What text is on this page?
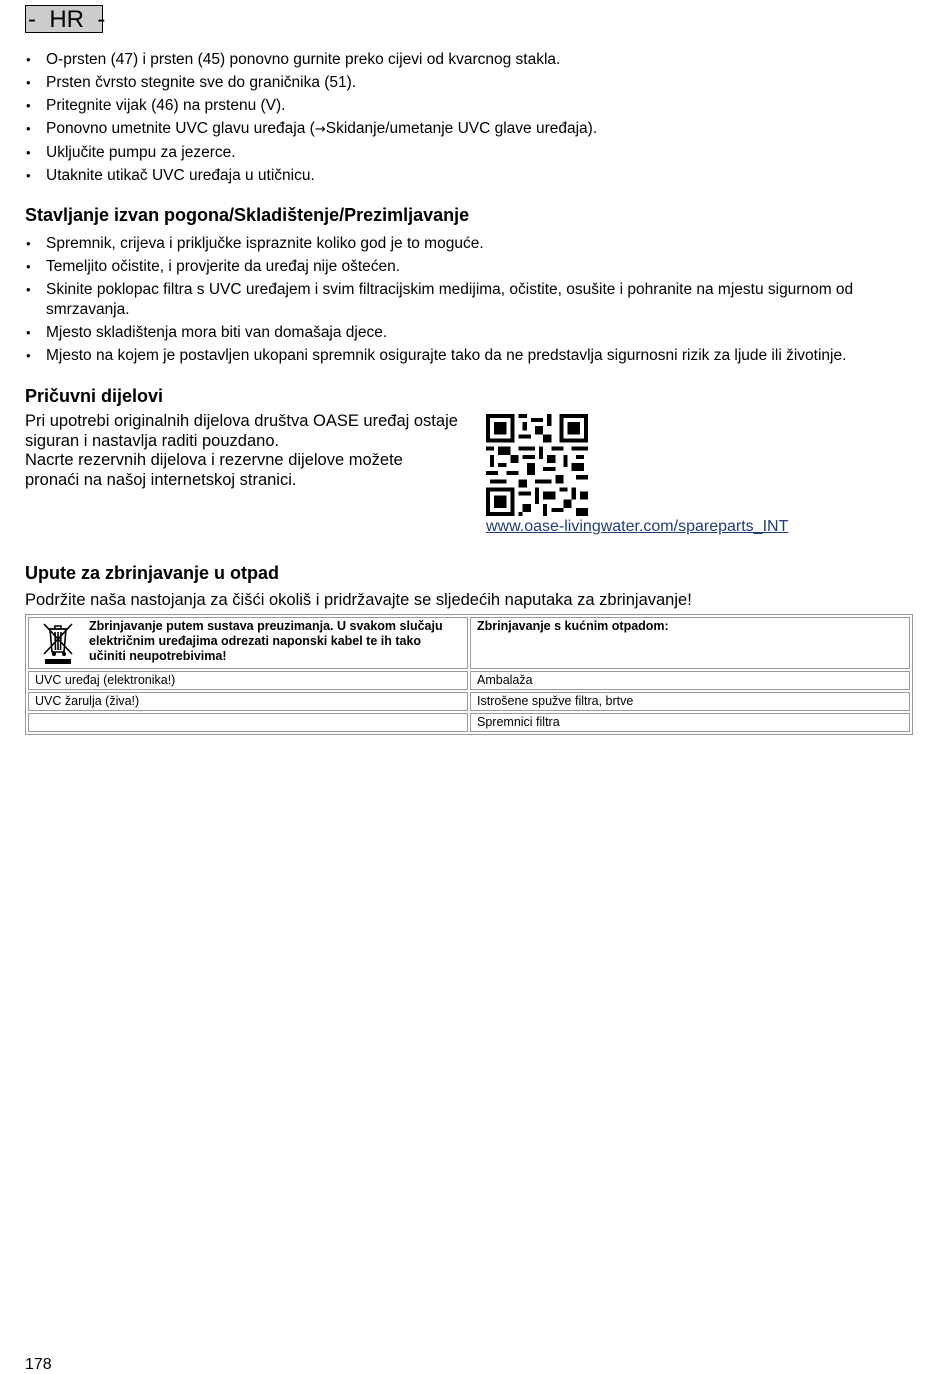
-  HR  -
• O-prsten (47) i prsten (45) ponovno gurnite preko cijevi od kvarcnog stakla.
• Prsten čvrsto stegnite sve do graničnika (51).
• Pritegnite vijak (46) na prstenu (V).
• Ponovno umetnite UVC glavu uređaja (→Skidanje/umetanje UVC glave uređaja).
• Uključite pumpu za jezerce.
• Utaknite utikač UVC uređaja u utičnicu.
Stavljanje izvan pogona/Skladištenje/Prezimljavanje
• Spremnik, crijeva i priključke ispraznite koliko god je to moguće.
• Temeljito očistite, i provjerite da uređaj nije oštećen.
• Skinite poklopac filtra s UVC uređajem i svim filtracijskim medijima, očistite, osušite i pohranite na mjestu sigurnom od smrzavanja.
• Mjesto skladištenja mora biti van domašaja djece.
• Mjesto na kojem je postavljen ukopani spremnik osigurajte tako da ne predstavlja sigurnosni rizik za ljude ili životinje.
Pričuvni dijelovi
Pri upotrebi originalnih dijelova društva OASE uređaj ostaje
siguran i nastavlja raditi pouzdano.
Nacrte rezervnih dijelova i rezervne dijelove možete
pronaći na našoj internetskoj stranici.
www.oase-livingwater.com/spareparts_INT
Upute za zbrinjavanje u otpad
Podržite naša nastojanja za čišći okoliš i pridržavajte se sljedećih naputaka za zbrinjavanje!
Zbrinjavanje putem sustava preuzimanja. U svakom slučaju električnim uređajima odrezati naponski kabel te ih tako učiniti neupotrebivima!	Zbrinjavanje s kućnim otpadom:
UVC uređaj (elektronika!)	Ambalaža
UVC žarulja (živa!)	Istrošene spužve filtra, brtve
	Spremnici filtra
178
